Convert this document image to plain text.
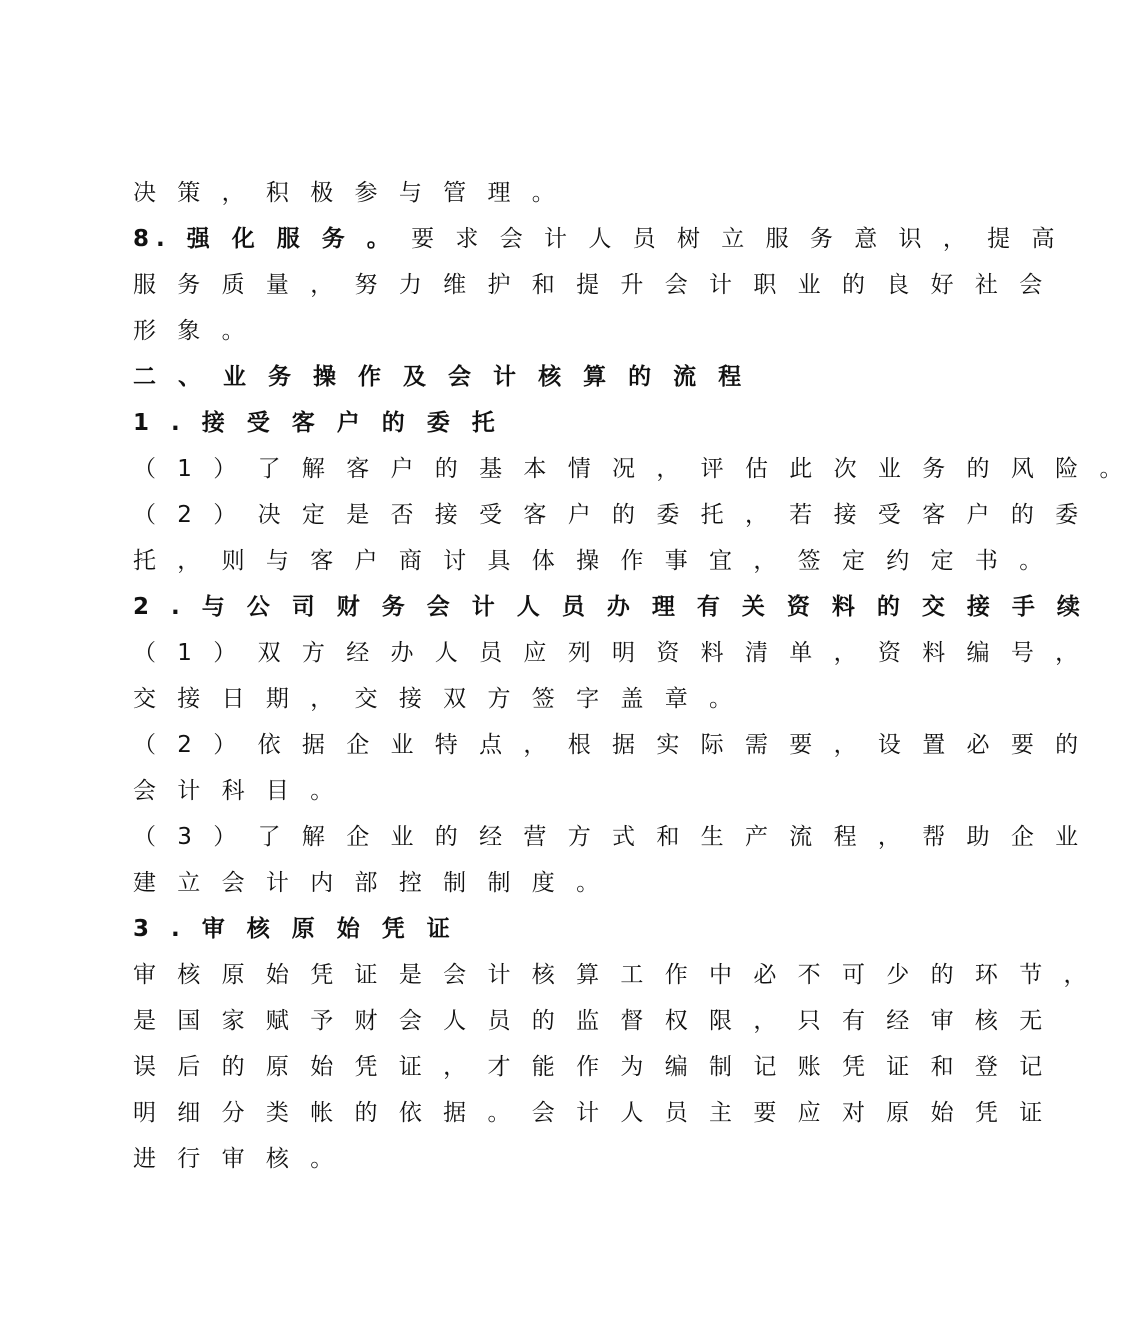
决 策 ， 积 极 参 与 管 理 。
8. 强 化 服 务 。 要 求 会 计 人 员 树 立 服 务 意 识 ， 提 高
服 务 质 量 ， 努 力 维 护 和 提 升 会 计 职 业 的 良 好 社 会
形 象 。
二 、 业 务 操 作 及 会 计 核 算 的 流 程
1 . 接 受 客 户 的 委 托
（ 1 ） 了 解 客 户 的 基 本 情 况 ， 评 估 此 次 业 务 的 风 险 。
（ 2 ） 决 定 是 否 接 受 客 户 的 委 托 ， 若 接 受 客 户 的 委
托 ， 则 与 客 户 商 讨 具 体 操 作 事 宜 ， 签 定 约 定 书 。
2 . 与 公 司 财 务 会 计 人 员 办 理 有 关 资 料 的 交 接 手 续
（ 1 ） 双 方 经 办 人 员 应 列 明 资 料 清 单 ， 资 料 编 号 ，
交 接 日 期 ， 交 接 双 方 签 字 盖 章 。
（ 2 ） 依 据 企 业 特 点 ， 根 据 实 际 需 要 ， 设 置 必 要 的
会 计 科 目 。
（ 3 ） 了 解 企 业 的 经 营 方 式 和 生 产 流 程 ， 帮 助 企 业
建 立 会 计 内 部 控 制 制 度 。
3 . 审 核 原 始 凭 证
审 核 原 始 凭 证 是 会 计 核 算 工 作 中 必 不 可 少 的 环 节 ，
是 国 家 赋 予 财 会 人 员 的 监 督 权 限 ， 只 有 经 审 核 无
误 后 的 原 始 凭 证 ， 才 能 作 为 编 制 记 账 凭 证 和 登 记
明 细 分 类 帐 的 依 据 。 会 计 人 员 主 要 应 对 原 始 凭 证
进 行 审 核 。
